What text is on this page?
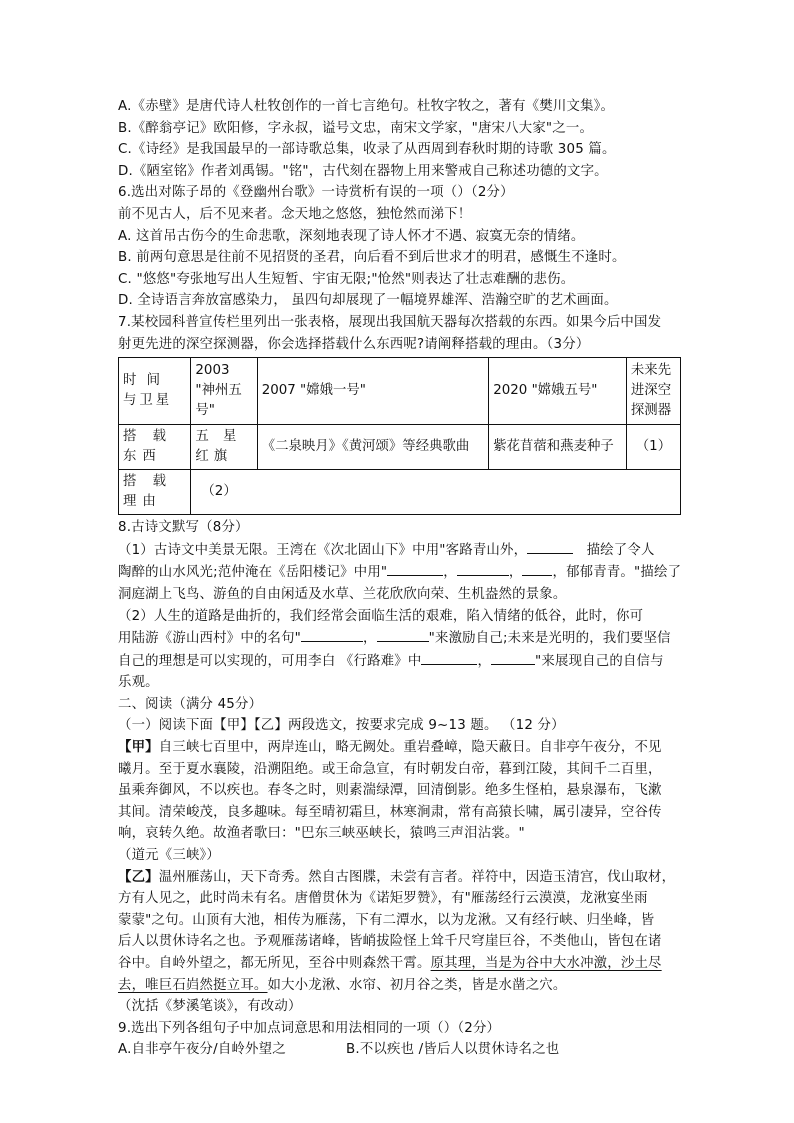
A.《赤壁》是唐代诗人杜牧创作的一首七言绝句。杜牧字牧之，著有《樊川文集》。
B.《醉翁亭记》欧阳修，字永叔，谥号文忠，南宋文学家，"唐宋八大家"之一。
C.《诗经》是我国最早的一部诗歌总集，收录了从西周到春秋时期的诗歌 305 篇。
D.《陋室铭》作者刘禹锡。"铭"，古代刻在器物上用来警戒自己称述功德的文字。
6.选出对陈子昂的《登幽州台歌》一诗赏析有误的一项（）（2分）
前不见古人，后不见来者。念天地之悠悠，独怆然而涕下！
A. 这首吊古伤今的生命悲歌，深刻地表现了诗人怀才不遇、寂寞无奈的情绪。
B. 前两句意思是往前不见招贤的圣君，向后看不到后世求才的明君，感慨生不逢时。
C. "悠悠"夸张地写出人生短暂、宇宙无限;"怆然"则表达了壮志难酬的悲伤。
D. 全诗语言奔放富感染力， 虽四句却展现了一幅境界雄浑、浩瀚空旷的艺术画面。
7.某校园科普宣传栏里列出一张表格，展现出我国航天器每次搭载的东西。如果今后中国发
射更先进的深空探测器，你会选择搭载什么东西呢?请阐释搭载的理由。（3分）
时 间 与卫星	2003 "神州五号"	2007 "嫦娥一号"	2020 "嫦娥五号"	未来先进深空探测器
搭 载 东西	五 星 红旗	《二泉映月》《黄河颂》等经典歌曲	紫花苜蓿和燕麦种子	（1）
搭 载 理由	（2）			
8.古诗文默写（8分）
（1）古诗文中美景无限。王湾在《次北固山下》中用"客路青山外，	描绘了令人
陶醉的山水风光;范仲淹在《岳阳楼记》中用"	，	， ，郁郁青青。"描绘了
洞庭湖上飞鸟、游鱼的自由闲适及水草、兰花欣欣向荣、生机盎然的景象。
（2）人生的道路是曲折的，我们经常会面临生活的艰难，陷入情绪的低谷，此时，你可
用陆游《游山西村》中的名句"	，	"来激励自己;未来是光明的，我们要坚信
自己的理想是可以实现的，可用李白 《行路难》中	，	"来展现自己的自信与
乐观。
二、阅读（满分 45分）
（一）阅读下面【甲】【乙】两段选文，按要求完成 9~13 题。 （12 分）
【甲】自三峡七百里中，两岸连山，略无阙处。重岩叠嶂，隐天蔽日。自非亭午夜分，不见
曦月。至于夏水襄陵，沿溯阻绝。或王命急宣，有时朝发白帝，暮到江陵，其间千二百里，
虽乘奔御风，不以疾也。春冬之时，则素湍绿潭，回清倒影。绝多生怪柏，悬泉瀑布，飞漱
其间。清荣峻茂，良多趣味。每至晴初霜旦，林寒涧肃，常有高猿长啸，属引凄异，空谷传
响，哀转久绝。故渔者歌曰："巴东三峡巫峡长，猿鸣三声泪沾裳。"
（道元《三峡》）
【乙】温州雁荡山，天下奇秀。然自古图牒，未尝有言者。祥符中，因造玉清宫，伐山取材，
方有人见之，此时尚未有名。唐僧贯休为《诺矩罗赞》，有"雁荡经行云漠漠，龙湫宴坐雨
蒙蒙"之句。山顶有大池，相传为雁荡，下有二潭水，以为龙湫。又有经行峡、归坐峰，皆
后人以贯休诗名之也。予观雁荡诸峰，皆峭拔险怪上耸千尺穹崖巨谷，不类他山，皆包在诸
谷中。自岭外望之，都无所见，至谷中则森然干霄。原其理，当是为谷中大水冲激，沙土尽
去，唯巨石岿然挺立耳。如大小龙湫、水帘、初月谷之类，皆是水凿之穴。
（沈括《梦溪笔谈》，有改动）
9.选出下列各组句子中加点词意思和用法相同的一项（）（2分）
A.自非亭午夜分/自岭外望之	B.不以疾也 /皆后人以贯休诗名之也
